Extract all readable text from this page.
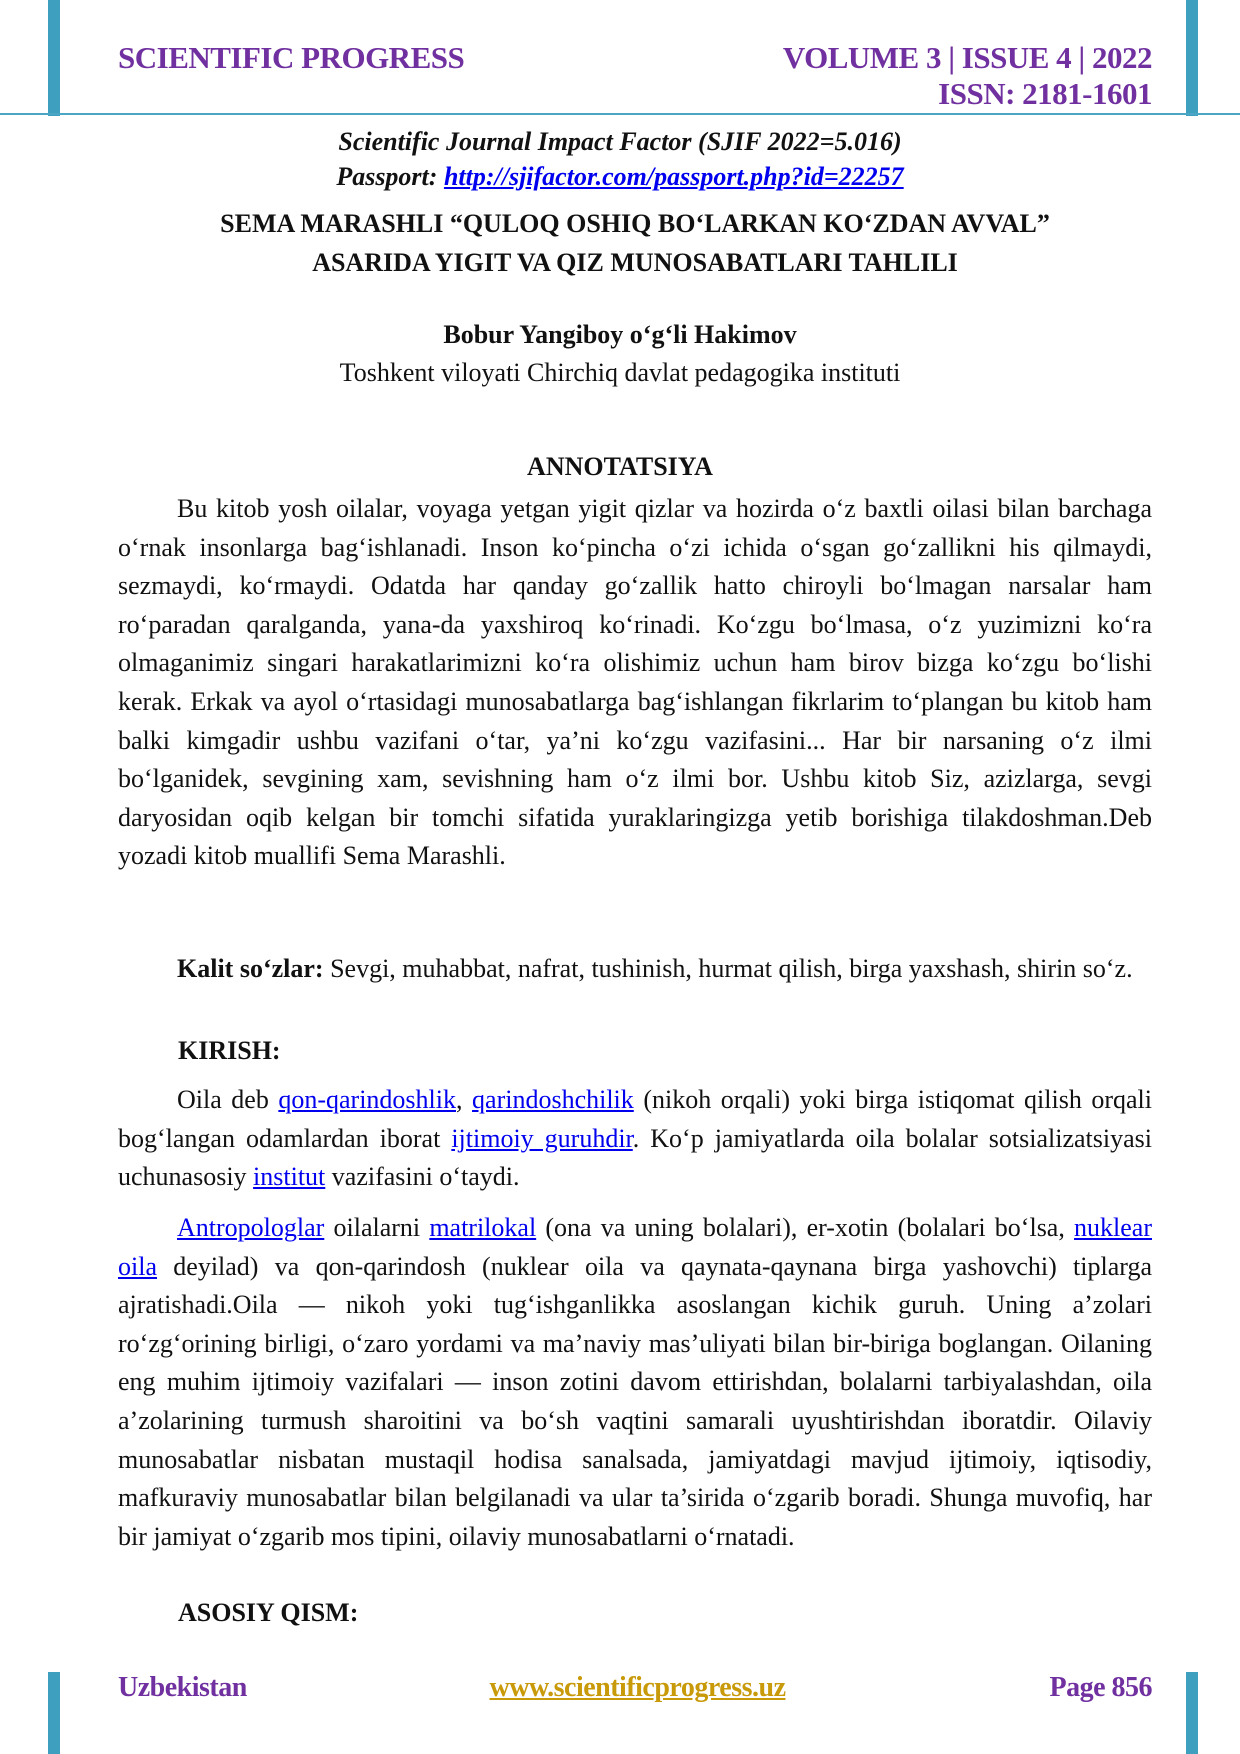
SCIENTIFIC PROGRESS	VOLUME 3 | ISSUE 4 | 2022
ISSN: 2181-1601
Scientific Journal Impact Factor (SJIF 2022=5.016)
Passport: http://sjifactor.com/passport.php?id=22257
SEMA MARASHLI “QULOQ OSHIQ BO‘LARKAN KO‘ZDAN AVVAL”
ASARIDA YIGIT VA QIZ MUNOSABATLARI TAHLILI
Bobur Yangiboy o‘g‘li Hakimov
Toshkent viloyati Chirchiq davlat pedagogika instituti
ANNOTATSIYA

Bu kitob yosh oilalar, voyaga yetgan yigit qizlar va hozirda o‘z baxtli oilasi bilan barchaga o‘rnak insonlarga bag‘ishlanadi. Inson ko‘pincha o‘zi ichida o‘sgan go‘zallikni his qilmaydi, sezmaydi, ko‘rmaydi. Odatda har qanday go‘zallik hatto chiroyli bo‘lmagan narsalar ham ro‘paradan qaralganda, yana-da yaxshiroq ko‘rinadi. Ko‘zgu bo‘lmasa, o‘z yuzimizni ko‘ra olmaganimiz singari harakatlarimizni ko‘ra olishimiz uchun ham birov bizga ko‘zgu bo‘lishi kerak. Erkak va ayol o‘rtasidagi munosabatlarga bag‘ishlangan fikrlarim to‘plangan bu kitob ham balki kimgadir ushbu vazifani o‘tar, ya’ni ko‘zgu vazifasini... Har bir narsaning o‘z ilmi bo‘lganidek, sevgining xam, sevishning ham o‘z ilmi bor. Ushbu kitob Siz, azizlarga, sevgi daryosidan oqib kelgan bir tomchi sifatida yuraklaringizga yetib borishiga tilakdoshman.Deb yozadi kitob muallifi Sema Marashli.

Kalit so‘zlar: Sevgi, muhabbat, nafrat, tushinish, hurmat qilish, birga yaxshash, shirin so‘z.

KIRISH:

Oila deb qon-qarindoshlik, qarindoshchilik (nikoh orqali) yoki birga istiqomat qilish orqali bog‘langan odamlardan iborat ijtimoiy guruhdir. Ko‘p jamiyatlarda oila bolalar sotsializatsiyasi uchunasosiy institut vazifasini o‘taydi.

Antropologlar oilalarni matrilokal (ona va uning bolalari), er-xotin (bolalari bo‘lsa, nuklear oila deyilad) va qon-qarindosh (nuklear oila va qaynata-qaynana birga yashovchi) tiplarga ajratishadi.Oila — nikoh yoki tug‘ishganlikka asoslangan kichik guruh. Uning a’zolari ro‘zg‘orining birligi, o‘zaro yordami va ma’naviy mas’uliyati bilan bir-biriga boglangan. Oilaning eng muhim ijtimoiy vazifalari — inson zotini davom ettirishdan, bolalarni tarbiyalashdan, oila a’zolarining turmush sharoitini va bo‘sh vaqtini samarali uyushtirishdan iboratdir. Oilaviy munosabatlar nisbatan mustaqil hodisa sanalsada, jamiyatdagi mavjud ijtimoiy, iqtisodiy, mafkuraviy munosabatlar bilan belgilanadi va ular ta’sirida o‘zgarib boradi. Shunga muvofiq, har bir jamiyat o‘zgarib mos tipini, oilaviy munosabatlarni o‘rnatadi.

ASOSIY QISM:
Uzbekistan	www.scientificprogress.uz	Page 856
